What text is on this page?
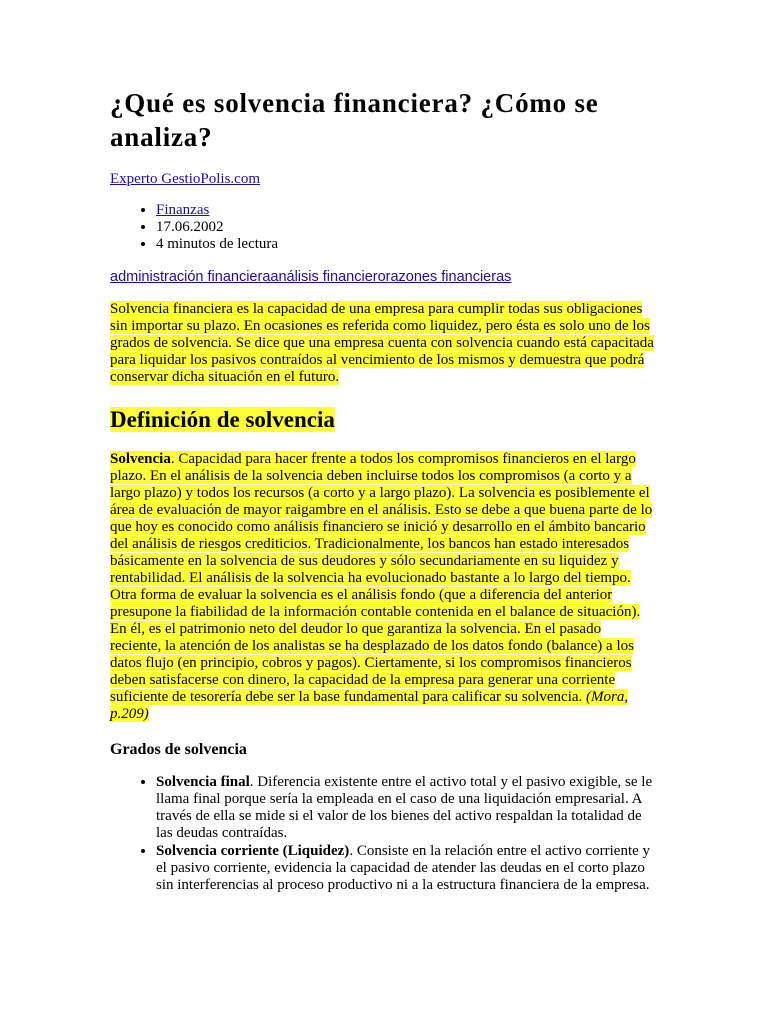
¿Qué es solvencia financiera? ¿Cómo se analiza?
Experto GestioPolis.com
• Finanzas
• 17.06.2002
• 4 minutos de lectura
administración financieraanálisis financierorazones financieras

Solvencia financiera es la capacidad de una empresa para cumplir todas sus obligaciones sin importar su plazo. En ocasiones es referida como liquidez, pero ésta es solo uno de los grados de solvencia. Se dice que una empresa cuenta con solvencia cuando está capacitada para liquidar los pasivos contraídos al vencimiento de los mismos y demuestra que podrá conservar dicha situación en el futuro.

Definición de solvencia

Solvencia. Capacidad para hacer frente a todos los compromisos financieros en el largo plazo. En el análisis de la solvencia deben incluirse todos los compromisos (a corto y a largo plazo) y todos los recursos (a corto y a largo plazo). La solvencia es posiblemente el área de evaluación de mayor raigambre en el análisis. Esto se debe a que buena parte de lo que hoy es conocido como análisis financiero se inició y desarrollo en el ámbito bancario del análisis de riesgos crediticios. Tradicionalmente, los bancos han estado interesados básicamente en la solvencia de sus deudores y sólo secundariamente en su liquidez y rentabilidad. El análisis de la solvencia ha evolucionado bastante a lo largo del tiempo. Otra forma de evaluar la solvencia es el análisis fondo (que a diferencia del anterior presupone la fiabilidad de la información contable contenida en el balance de situación). En él, es el patrimonio neto del deudor lo que garantiza la solvencia. En el pasado reciente, la atención de los analistas se ha desplazado de los datos fondo (balance) a los datos flujo (en principio, cobros y pagos). Ciertamente, si los compromisos financieros deben satisfacerse con dinero, la capacidad de la empresa para generar una corriente suficiente de tesorería debe ser la base fundamental para calificar su solvencia. (Mora, p.209)

Grados de solvencia
• Solvencia final. Diferencia existente entre el activo total y el pasivo exigible, se le llama final porque sería la empleada en el caso de una liquidación empresarial. A través de ella se mide si el valor de los bienes del activo respaldan la totalidad de las deudas contraídas.
• Solvencia corriente (Liquidez). Consiste en la relación entre el activo corriente y el pasivo corriente, evidencia la capacidad de atender las deudas en el corto plazo sin interferencias al proceso productivo ni a la estructura financiera de la empresa.
